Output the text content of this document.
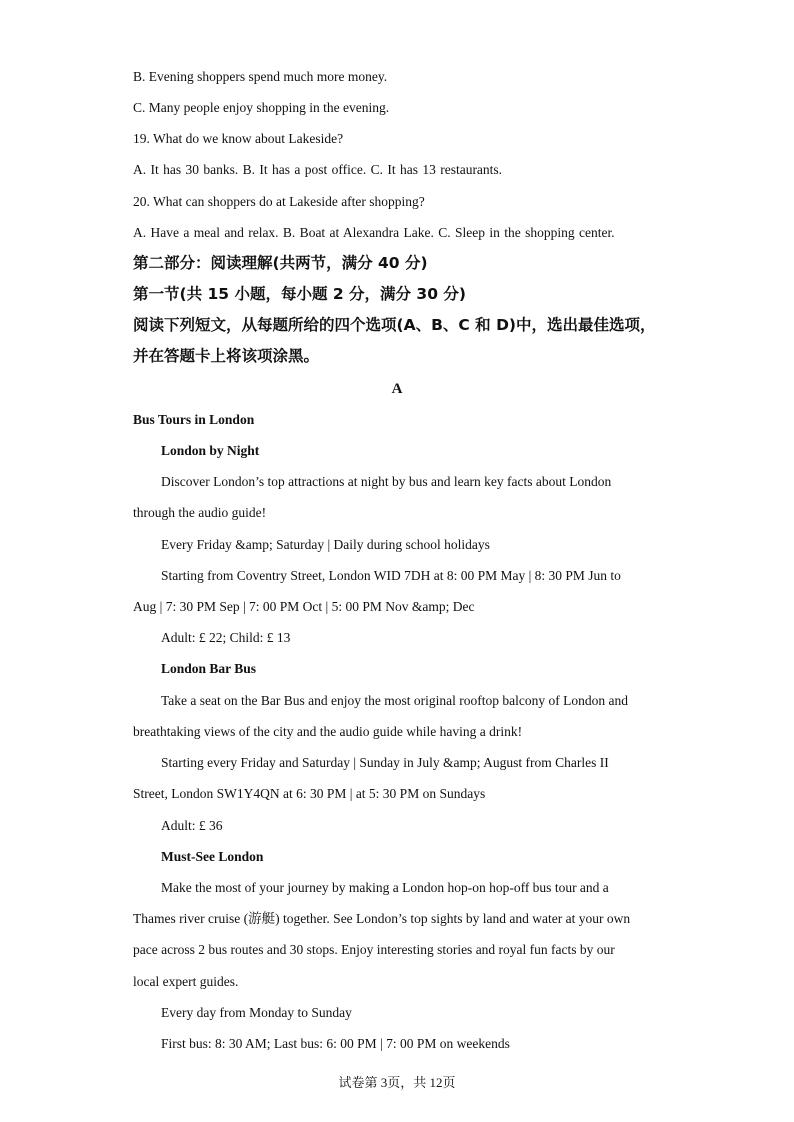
B. Evening shoppers spend much more money.
C. Many people enjoy shopping in the evening.
19. What do we know about Lakeside?
A. It has 30 banks. B. It has a post office. C. It has 13 restaurants.
20. What can shoppers do at Lakeside after shopping?
A. Have a meal and relax. B. Boat at Alexandra Lake. C. Sleep in the shopping center.
第二部分：阅读理解(共两节，满分 40 分)
第一节(共 15 小题，每小题 2 分，满分 30 分)
阅读下列短文，从每题所给的四个选项(A、B、C 和 D)中，选出最佳选项，
并在答题卡上将该项涂黑。
A
Bus Tours in London
London by Night
Discover London’s top attractions at night by bus and learn key facts about London
through the audio guide!
Every Friday &amp; Saturday | Daily during school holidays
Starting from Coventry Street, London WID 7DH at 8: 00 PM May | 8: 30 PM Jun to
Aug | 7: 30 PM Sep | 7: 00 PM Oct | 5: 00 PM Nov &amp; Dec
Adult: £ 22; Child: £ 13
London Bar Bus
Take a seat on the Bar Bus and enjoy the most original rooftop balcony of London and
breathtaking views of the city and the audio guide while having a drink!
Starting every Friday and Saturday | Sunday in July &amp; August from Charles II
Street, London SW1Y4QN at 6: 30 PM | at 5: 30 PM on Sundays
Adult: £ 36
Must-See London
Make the most of your journey by making a London hop-on hop-off bus tour and a
Thames river cruise (游艇) together. See London’s top sights by land and water at your own
pace across 2 bus routes and 30 stops. Enjoy interesting stories and royal fun facts by our
local expert guides.
Every day from Monday to Sunday
First bus: 8: 30 AM; Last bus: 6: 00 PM | 7: 00 PM on weekends
试卷第 3页，共 12页
